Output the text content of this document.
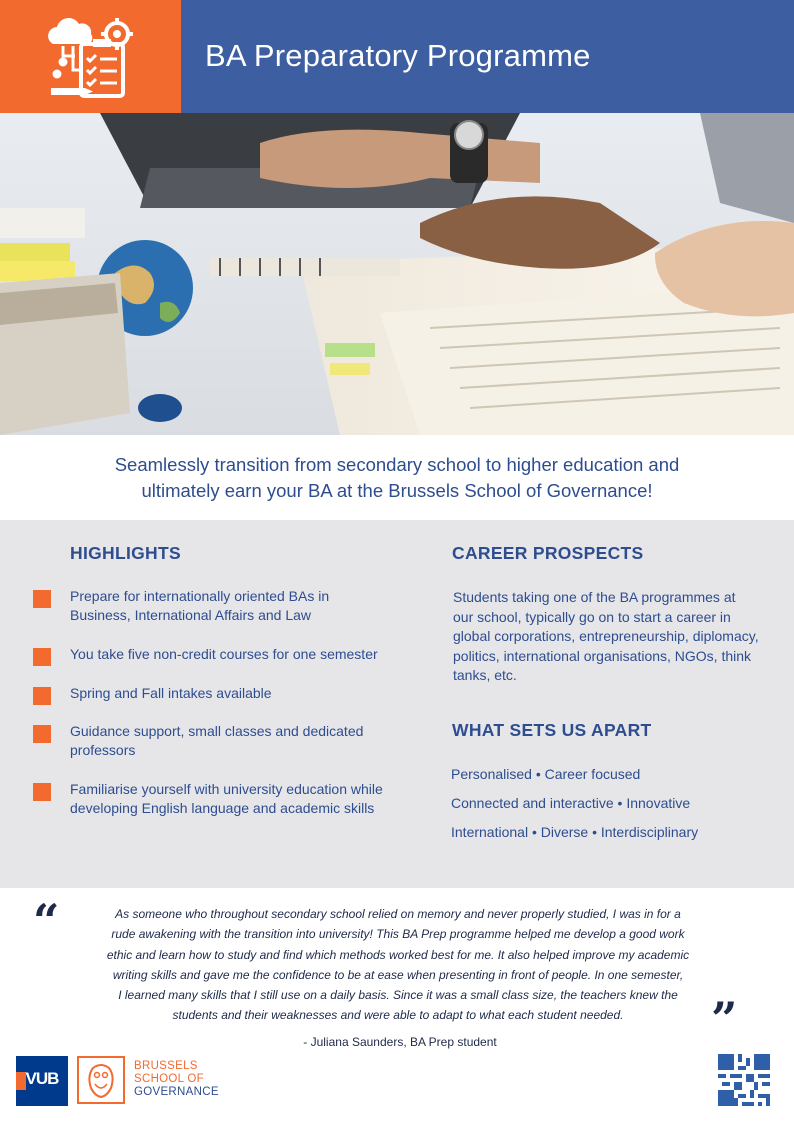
BA Preparatory Programme
Seamlessly transition from secondary school to higher education and
ultimately earn your BA at the Brussels School of Governance!
HIGHLIGHTS
Prepare for internationally oriented BAs in
Business, International Affairs and Law
You take five non-credit courses for one semester
Spring and Fall intakes available
Guidance support, small classes and dedicated
professors
Familiarise yourself with university education while
developing English language and academic skills
CAREER PROSPECTS
Students taking one of the BA programmes at
our school, typically go on to start a career in
global corporations, entrepreneurship, diplomacy,
politics, international organisations, NGOs, think
tanks, etc.
WHAT SETS US APART
Personalised • Career focused
Connected and interactive • Innovative
International • Diverse • Interdisciplinary
“	As someone who throughout secondary school relied on memory and never properly studied, I was in for a
rude awakening with the transition into university! This BA Prep programme helped me develop a good work
ethic and learn how to study and find which methods worked best for me. It also helped improve my academic
writing skills and gave me the confidence to be at ease when presenting in front of people. In one semester,
I learned many skills that I still use on a daily basis. Since it was a small class size, the teachers knew the
students and their weaknesses and were able to adapt to what each student needed.	”
- Juliana Saunders, BA Prep student
VUB
BRUSSELS
SCHOOL OF
GOVERNANCE
